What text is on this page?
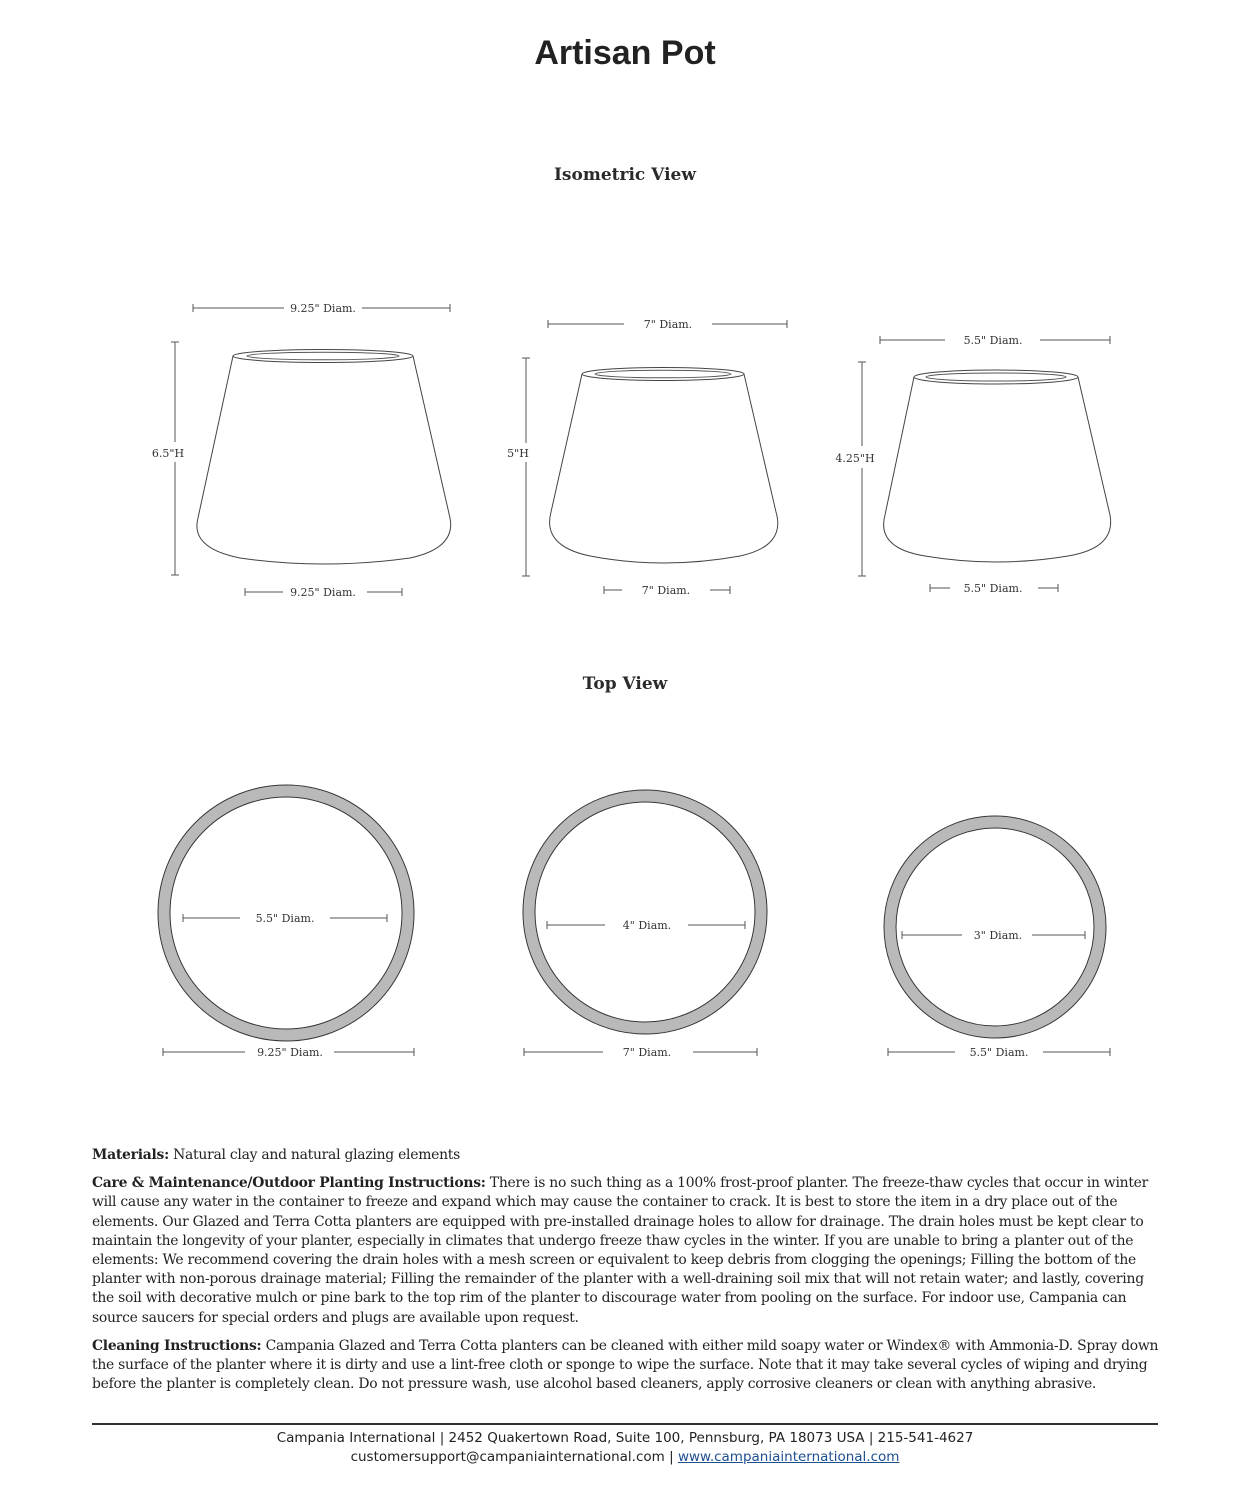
Artisan Pot
Isometric View
Top View
9.25" Diam.
6.5"H
9.25" Diam.
7" Diam.
5"H
7" Diam.
5.5" Diam.
4.25"H
5.5" Diam.
5.5" Diam.
9.25" Diam.
4" Diam.
7" Diam.
3" Diam.
5.5" Diam.

Materials: Natural clay and natural glazing elements

Care & Maintenance/Outdoor Planting Instructions: There is no such thing as a 100% frost-proof planter. The freeze-thaw cycles that occur in winter will cause any water in the container to freeze and expand which may cause the container to crack. It is best to store the item in a dry place out of the elements. Our Glazed and Terra Cotta planters are equipped with pre-installed drainage holes to allow for drainage. The drain holes must be kept clear to maintain the longevity of your planter, especially in climates that undergo freeze thaw cycles in the winter. If you are unable to bring a planter out of the elements: We recommend covering the drain holes with a mesh screen or equivalent to keep debris from clogging the openings; Filling the bottom of the planter with non-porous drainage material; Filling the remainder of the planter with a well-draining soil mix that will not retain water; and lastly, covering the soil with decorative mulch or pine bark to the top rim of the planter to discourage water from pooling on the surface. For indoor use, Campania can source saucers for special orders and plugs are available upon request.

Cleaning Instructions: Campania Glazed and Terra Cotta planters can be cleaned with either mild soapy water or Windex® with Ammonia-D. Spray down the surface of the planter where it is dirty and use a lint-free cloth or sponge to wipe the surface. Note that it may take several cycles of wiping and drying before the planter is completely clean. Do not pressure wash, use alcohol based cleaners, apply corrosive cleaners or clean with anything abrasive.

Campania International | 2452 Quakertown Road, Suite 100, Pennsburg, PA 18073 USA | 215-541-4627
customersupport@campaniainternational.com | www.campaniainternational.com
